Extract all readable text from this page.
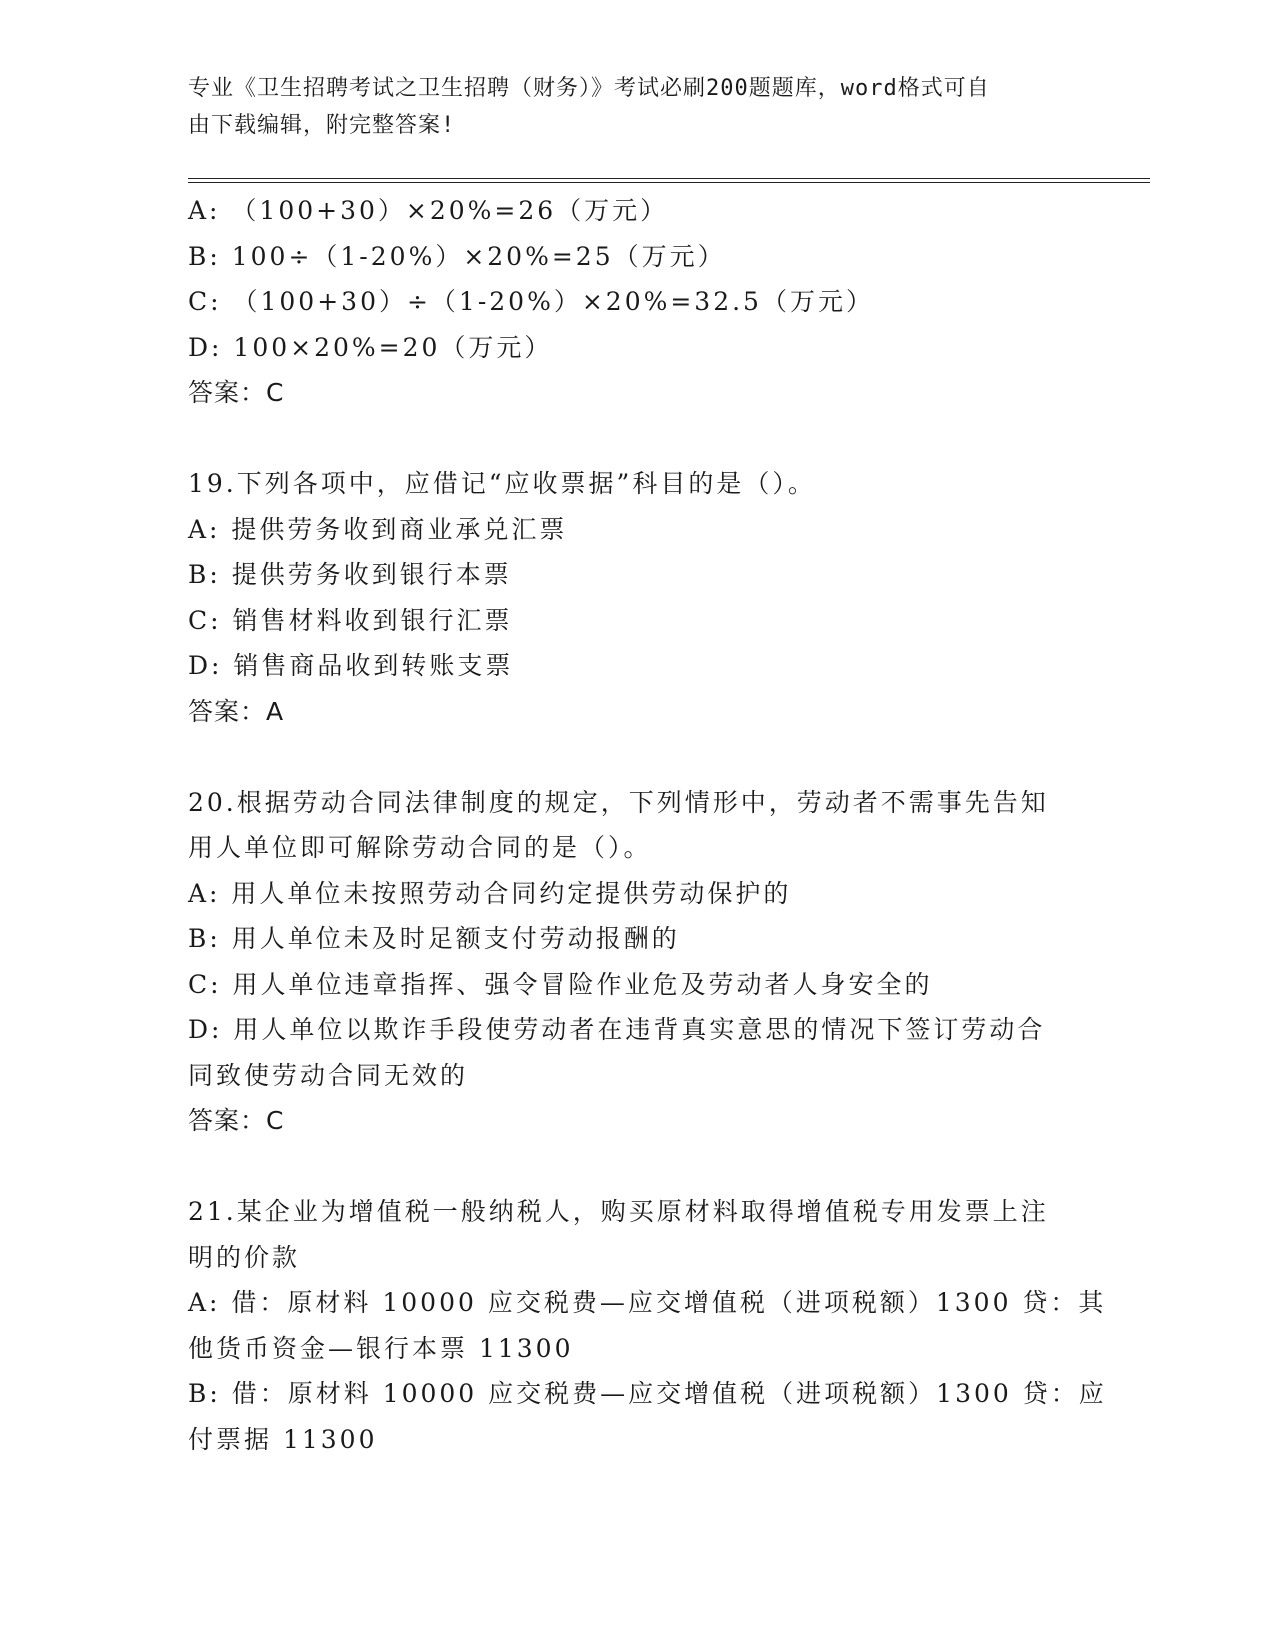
专业《卫生招聘考试之卫生招聘（财务）》考试必刷200题题库，word格式可自
由下载编辑，附完整答案!
A: （100+30）×20%=26（万元）
B: 100÷（1-20%）×20%=25（万元）
C: （100+30）÷（1-20%）×20%=32.5（万元）
D: 100×20%=20（万元）
答案：C
19.下列各项中，应借记“应收票据”科目的是（）。
A: 提供劳务收到商业承兑汇票
B: 提供劳务收到银行本票
C: 销售材料收到银行汇票
D: 销售商品收到转账支票
答案：A
20.根据劳动合同法律制度的规定，下列情形中，劳动者不需事先告知
用人单位即可解除劳动合同的是（）。
A: 用人单位未按照劳动合同约定提供劳动保护的
B: 用人单位未及时足额支付劳动报酬的
C: 用人单位违章指挥、强令冒险作业危及劳动者人身安全的
D: 用人单位以欺诈手段使劳动者在违背真实意思的情况下签订劳动合
同致使劳动合同无效的
答案：C
21.某企业为增值税一般纳税人，购买原材料取得增值税专用发票上注
明的价款
A: 借：原材料 10000 应交税费—应交增值税（进项税额）1300 贷：其
他货币资金—银行本票 11300
B: 借：原材料 10000 应交税费—应交增值税（进项税额）1300 贷：应
付票据 11300
